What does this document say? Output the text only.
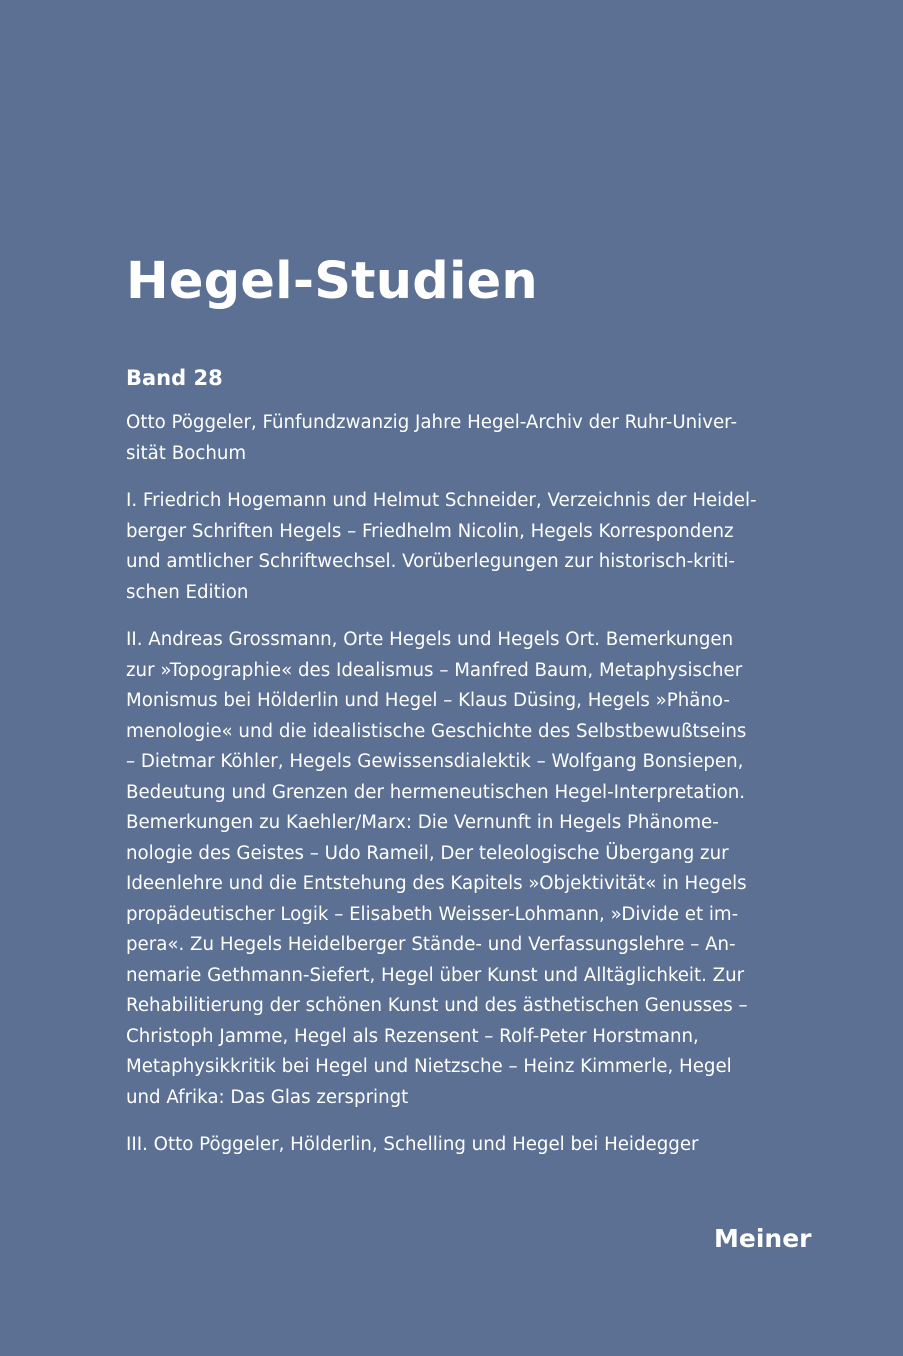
Hegel-Studien
Band 28

Otto Pöggeler, Fünfundzwanzig Jahre Hegel-Archiv der Ruhr-Univer-
sität Bochum

I. Friedrich Hogemann und Helmut Schneider, Verzeichnis der Heidel-
berger Schriften Hegels – Friedhelm Nicolin, Hegels Korrespondenz
und amtlicher Schriftwechsel. Vorüberlegungen zur historisch-kriti-
schen Edition

II. Andreas Grossmann, Orte Hegels und Hegels Ort. Bemerkungen
zur »Topographie« des Idealismus – Manfred Baum, Metaphysischer
Monismus bei Hölderlin und Hegel – Klaus Düsing, Hegels »Phäno-
menologie« und die idealistische Geschichte des Selbstbewußtseins
– Dietmar Köhler, Hegels Gewissensdialektik – Wolfgang Bonsiepen,
Bedeutung und Grenzen der hermeneutischen Hegel-Interpretation.
Bemerkungen zu Kaehler/Marx: Die Vernunft in Hegels Phänome-
nologie des Geistes – Udo Rameil, Der teleologische Übergang zur
Ideenlehre und die Entstehung des Kapitels »Objektivität« in Hegels
propädeutischer Logik – Elisabeth Weisser-Lohmann, »Divide et im-
pera«. Zu Hegels Heidelberger Stände- und Verfassungslehre – An-
nemarie Gethmann-Siefert, Hegel über Kunst und Alltäglichkeit. Zur
Rehabilitierung der schönen Kunst und des ästhetischen Genusses –
Christoph Jamme, Hegel als Rezensent – Rolf-Peter Horstmann,
Metaphysikkritik bei Hegel und Nietzsche – Heinz Kimmerle, Hegel
und Afrika: Das Glas zerspringt

III. Otto Pöggeler, Hölderlin, Schelling und Hegel bei Heidegger

Meiner
